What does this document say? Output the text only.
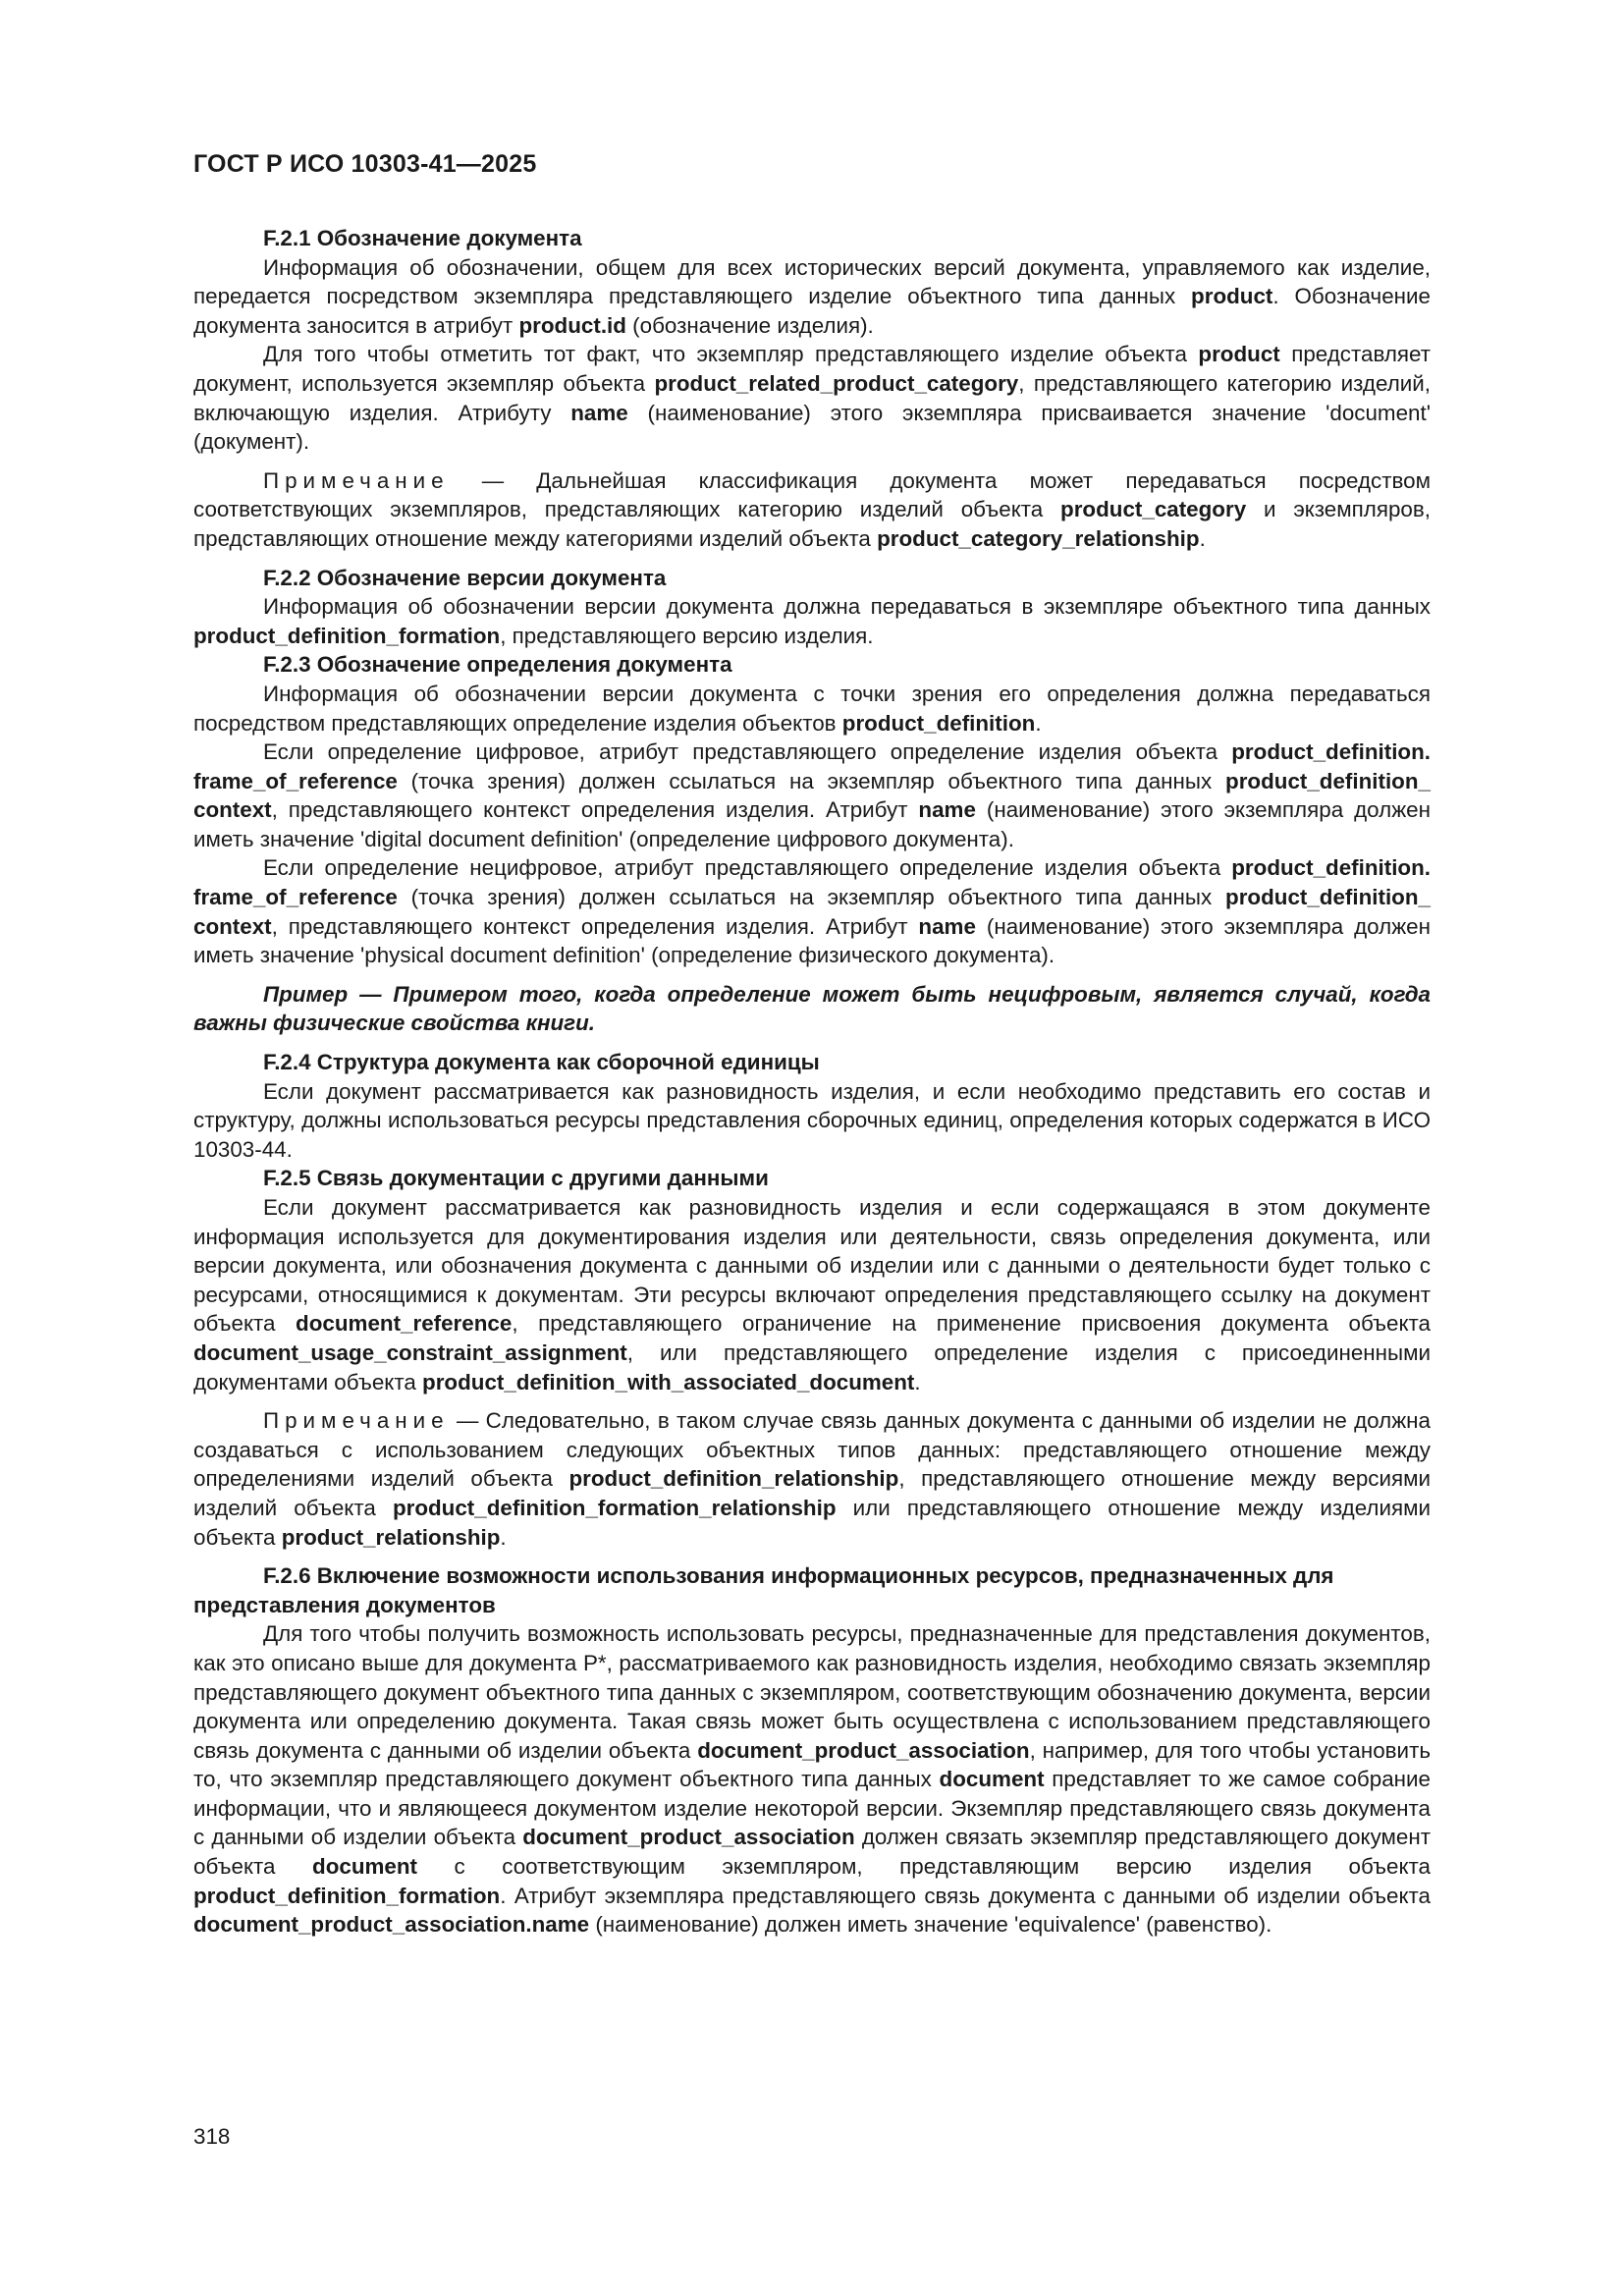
ГОСТ Р ИСО 10303-41—2025

F.2.1 Обозначение документа

Информация об обозначении, общем для всех исторических версий документа, управляемого как изделие, передается посредством экземпляра представляющего изделие объектного типа данных product. Обозначение документа заносится в атрибут product.id (обозначение изделия).

Для того чтобы отметить тот факт, что экземпляр представляющего изделие объекта product представляет документ, используется экземпляр объекта product_related_product_category, представляющего категорию изделий, включающую изделия. Атрибуту name (наименование) этого экземпляра присваивается значение 'document' (документ).

Примечание — Дальнейшая классификация документа может передаваться посредством соответствующих экземпляров, представляющих категорию изделий объекта product_category и экземпляров, представляющих отношение между категориями изделий объекта product_category_relationship.

F.2.2 Обозначение версии документа

Информация об обозначении версии документа должна передаваться в экземпляре объектного типа данных product_definition_formation, представляющего версию изделия.

F.2.3 Обозначение определения документа

Информация об обозначении версии документа с точки зрения его определения должна передаваться посредством представляющих определение изделия объектов product_definition.

Если определение цифровое, атрибут представляющего определение изделия объекта product_definition. frame_of_reference (точка зрения) должен ссылаться на экземпляр объектного типа данных product_definition_ context, представляющего контекст определения изделия. Атрибут name (наименование) этого экземпляра должен иметь значение 'digital document definition' (определение цифрового документа).

Если определение нецифровое, атрибут представляющего определение изделия объекта product_definition. frame_of_reference (точка зрения) должен ссылаться на экземпляр объектного типа данных product_definition_ context, представляющего контекст определения изделия. Атрибут name (наименование) этого экземпляра должен иметь значение 'physical document definition' (определение физического документа).

Пример — Примером того, когда определение может быть нецифровым, является случай, когда важны физические свойства книги.

F.2.4 Структура документа как сборочной единицы

Если документ рассматривается как разновидность изделия, и если необходимо представить его состав и структуру, должны использоваться ресурсы представления сборочных единиц, определения которых содержатся в ИСО 10303-44.

F.2.5 Связь документации с другими данными

Если документ рассматривается как разновидность изделия и если содержащаяся в этом документе информация используется для документирования изделия или деятельности, связь определения документа, или версии документа, или обозначения документа с данными об изделии или с данными о деятельности будет только с ресурсами, относящимися к документам. Эти ресурсы включают определения представляющего ссылку на документ объекта document_reference, представляющего ограничение на применение присвоения документа объекта document_usage_constraint_assignment, или представляющего определение изделия с присоединенными документами объекта product_definition_with_associated_document.

Примечание — Следовательно, в таком случае связь данных документа с данными об изделии не должна создаваться с использованием следующих объектных типов данных: представляющего отношение между определениями изделий объекта product_definition_relationship, представляющего отношение между версиями изделий объекта product_definition_formation_relationship или представляющего отношение между изделиями объекта product_relationship.

F.2.6 Включение возможности использования информационных ресурсов, предназначенных для представления документов

Для того чтобы получить возможность использовать ресурсы, предназначенные для представления документов, как это описано выше для документа P*, рассматриваемого как разновидность изделия, необходимо связать экземпляр представляющего документ объектного типа данных с экземпляром, соответствующим обозначению документа, версии документа или определению документа. Такая связь может быть осуществлена с использованием представляющего связь документа с данными об изделии объекта document_product_association, например, для того чтобы установить то, что экземпляр представляющего документ объектного типа данных document представляет то же самое собрание информации, что и являющееся документом изделие некоторой версии. Экземпляр представляющего связь документа с данными об изделии объекта document_product_association должен связать экземпляр представляющего документ объекта document с соответствующим экземпляром, представляющим версию изделия объекта product_definition_formation. Атрибут экземпляра представляющего связь документа с данными об изделии объекта document_product_association.name (наименование) должен иметь значение 'equivalence' (равенство).

318
